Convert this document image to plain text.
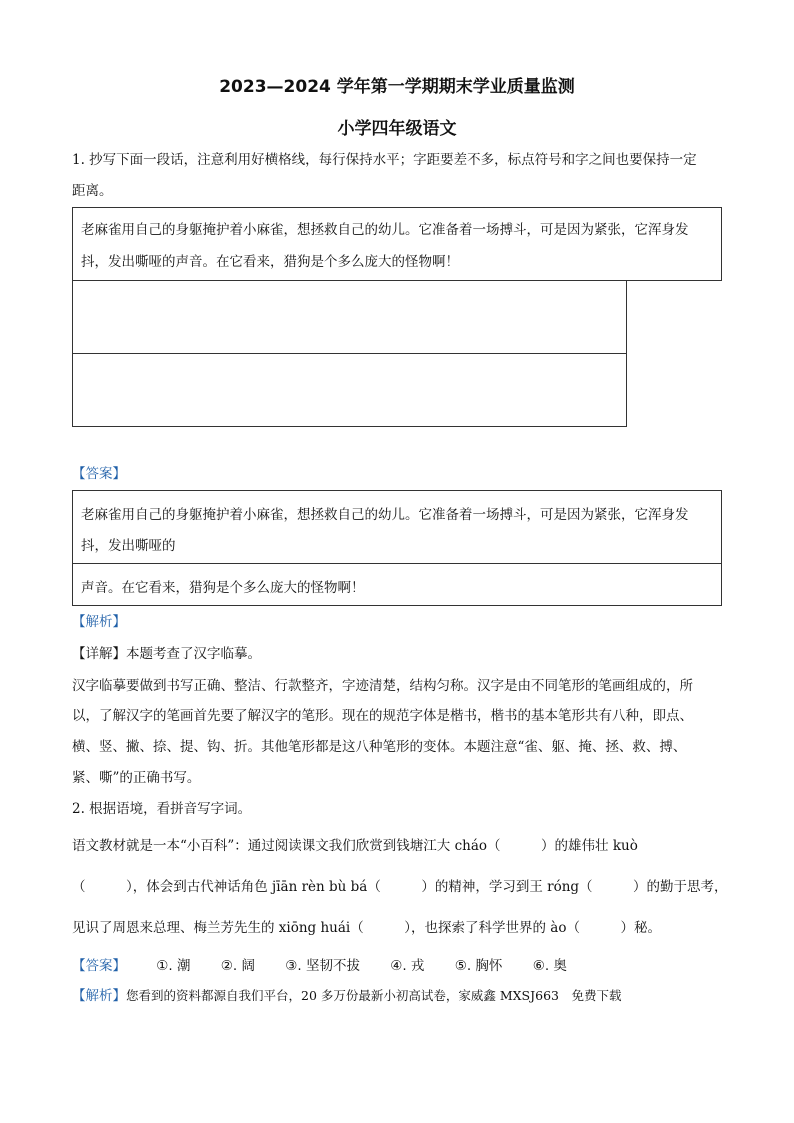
2023—2024 学年第一学期期末学业质量监测
小学四年级语文
1. 抄写下面一段话，注意利用好横格线，每行保持水平；字距要差不多，标点符号和字之间也要保持一定
距离。
老麻雀用自己的身躯掩护着小麻雀，想拯救自己的幼儿。它准备着一场搏斗，可是因为紧张，它浑身发
抖，发出嘶哑的声音。在它看来，猎狗是个多么庞大的怪物啊！
【答案】
老麻雀用自己的身躯掩护着小麻雀，想拯救自己的幼儿。它准备着一场搏斗，可是因为紧张，它浑身发
抖，发出嘶哑的
声音。在它看来，猎狗是个多么庞大的怪物啊！
【解析】
【详解】本题考查了汉字临摹。
汉字临摹要做到书写正确、整洁、行款整齐，字迹清楚，结构匀称。汉字是由不同笔形的笔画组成的，所
以，了解汉字的笔画首先要了解汉字的笔形。现在的规范字体是楷书，楷书的基本笔形共有八种，即点、
横、竖、撇、捺、提、钩、折。其他笔形都是这八种笔形的变体。本题注意“雀、躯、掩、拯、救、搏、
紧、嘶”的正确书写。
2. 根据语境，看拼音写字词。
语文教材就是一本“小百科”：通过阅读课文我们欣赏到钱塘江大 cháo（　　　）的雄伟壮 kuò
（　　　），体会到古代神话角色 jīān rèn bù bá（　　　）的精神，学习到王 róng（　　　）的勤于思考，
见识了周恩来总理、梅兰芳先生的 xiōng huái（　　　），也探索了科学世界的 ào（　　　）秘。
【答案】 ①. 潮 ②. 阔 ③. 坚韧不拔 ④. 戎 ⑤. 胸怀 ⑥. 奥
【解析】您看到的资料都源自我们平台，20 多万份最新小初高试卷，家威鑫 MXSJ663　免费下载
